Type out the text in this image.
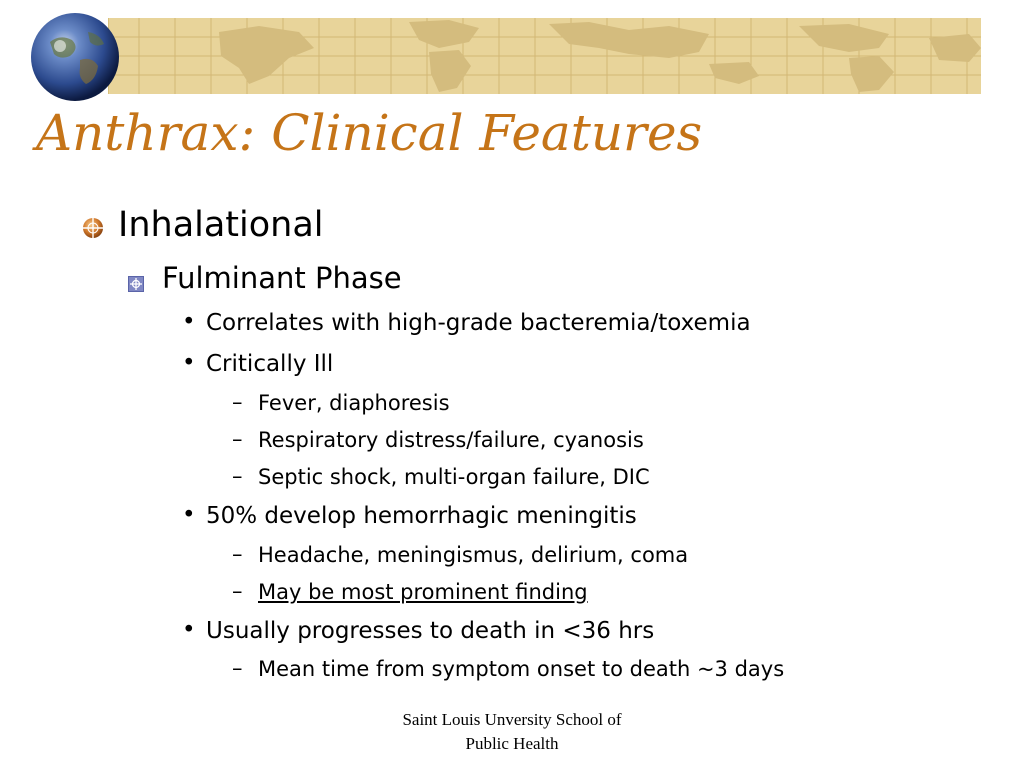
Anthrax: Clinical Features
Inhalational
Fulminant Phase
• Correlates with high-grade bacteremia/toxemia
• Critically Ill
– Fever, diaphoresis
– Respiratory distress/failure, cyanosis
– Septic shock, multi-organ failure, DIC
• 50% develop hemorrhagic meningitis
– Headache, meningismus, delirium, coma
– May be most prominent finding
• Usually progresses to death in <36 hrs
– Mean time from symptom onset to death ~3 days
Saint Louis Unversity School of
Public Health
